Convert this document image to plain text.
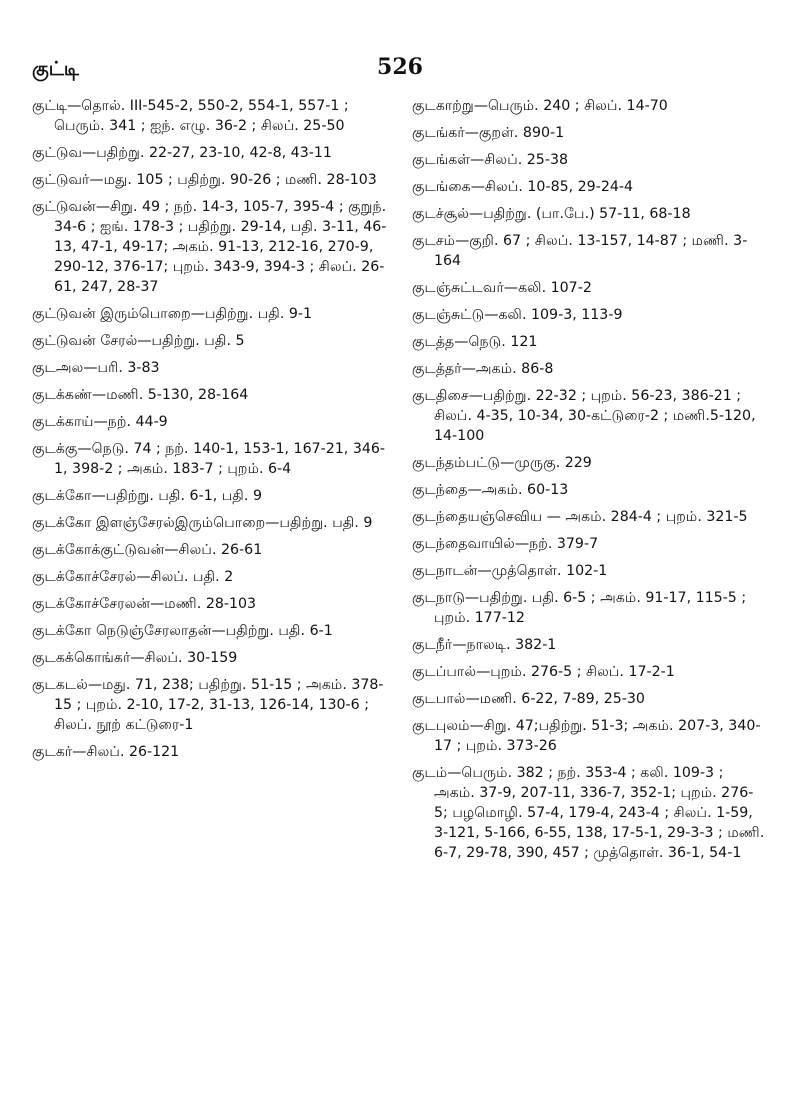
குட்டி	526
குட்டி—தொல். III-545-2, 550-2, 554-1, 557-1 ; பெரும். 341 ; ஐந். எழு. 36-2 ; சிலப். 25-50
குட்டுவ—பதிற்று. 22-27, 23-10, 42-8, 43-11
குட்டுவர்—மது. 105 ; பதிற்று. 90-26 ; மணி. 28-103
குட்டுவன்—சிறு. 49 ; நற். 14-3, 105-7, 395-4 ; குறுந். 34-6 ; ஐங். 178-3 ; பதிற்று. 29-14, பதி. 3-11, 46-13, 47-1, 49-17; அகம். 91-13, 212-16, 270-9, 290-12, 376-17; புறம். 343-9, 394-3 ; சிலப். 26-61, 247, 28-37
குட்டுவன் இரும்பொறை—பதிற்று. பதி. 9-1
குட்டுவன் சேரல்—பதிற்று. பதி. 5
குடஅல—பரி. 3-83
குடக்கண்—மணி. 5-130, 28-164
குடக்காய்—நற். 44-9
குடக்கு—நெடு. 74 ; நற். 140-1, 153-1, 167-21, 346-1, 398-2 ; அகம். 183-7 ; புறம். 6-4
குடக்கோ—பதிற்று. பதி. 6-1, பதி. 9
குடக்கோ இளஞ்சேரல்இரும்பொறை—பதிற்று. பதி. 9
குடக்கோக்குட்டுவன்—சிலப். 26-61
குடக்கோச்சேரல்—சிலப். பதி. 2
குடக்கோச்சேரலன்—மணி. 28-103
குடக்கோ நெடுஞ்சேரலாதன்—பதிற்று. பதி. 6-1
குடகக்கொங்கர்—சிலப். 30-159
குடகடல்—மது. 71, 238; பதிற்று. 51-15 ; அகம். 378-15 ; புறம். 2-10, 17-2, 31-13, 126-14, 130-6 ; சிலப். நூற் கட்டுரை-1
குடகர்—சிலப். 26-121
குடகாற்று—பெரும். 240 ; சிலப். 14-70
குடங்கர்—குறள். 890-1
குடங்கள்—சிலப். 25-38
குடங்கை—சிலப். 10-85, 29-24-4
குடச்சூல்—பதிற்று. (பா.பே.) 57-11, 68-18
குடசம்—குறி. 67 ; சிலப். 13-157, 14-87 ; மணி. 3-164
குடஞ்சுட்டவர்—கலி. 107-2
குடஞ்சுட்டு—கலி. 109-3, 113-9
குடத்த—நெடு. 121
குடத்தர்—அகம். 86-8
குடதிசை—பதிற்று. 22-32 ; புறம். 56-23, 386-21 ; சிலப். 4-35, 10-34, 30-கட்டுரை-2 ; மணி.5-120, 14-100
குடந்தம்பட்டு—முருகு. 229
குடந்தை—அகம். 60-13
குடந்தையஞ்செவிய — அகம். 284-4 ; புறம். 321-5
குடந்தைவாயில்—நற். 379-7
குடநாடன்—முத்தொள். 102-1
குடநாடு—பதிற்று. பதி. 6-5 ; அகம். 91-17, 115-5 ; புறம். 177-12
குடநீர்—நாலடி. 382-1
குடப்பால்—புறம். 276-5 ; சிலப். 17-2-1
குடபால்—மணி. 6-22, 7-89, 25-30
குடபுலம்—சிறு. 47;பதிற்று. 51-3; அகம். 207-3, 340-17 ; புறம். 373-26
குடம்—பெரும். 382 ; நற். 353-4 ; கலி. 109-3 ; அகம். 37-9, 207-11, 336-7, 352-1; புறம். 276-5; பழமொழி. 57-4, 179-4, 243-4 ; சிலப். 1-59, 3-121, 5-166, 6-55, 138, 17-5-1, 29-3-3 ; மணி. 6-7, 29-78, 390, 457 ; முத்தொள். 36-1, 54-1
